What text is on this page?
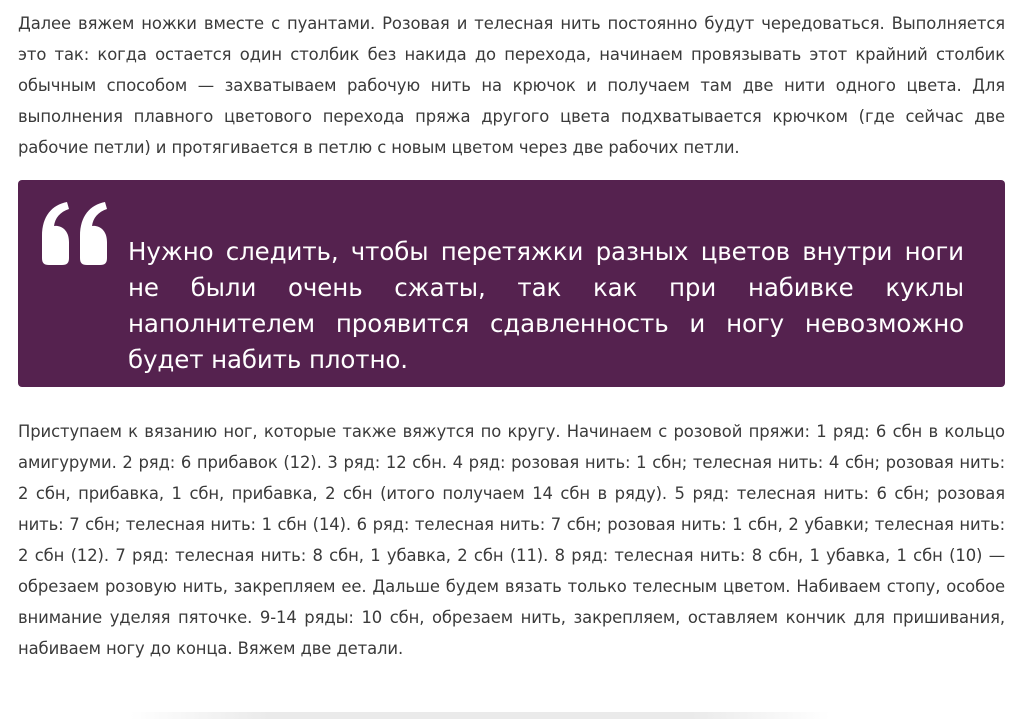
Далее вяжем ножки вместе с пуантами. Розовая и телесная нить постоянно будут чередоваться. Выполняется это так: когда остается один столбик без накида до перехода, начинаем провязывать этот крайний столбик обычным способом — захватываем рабочую нить на крючок и получаем там две нити одного цвета. Для выполнения плавного цветового перехода пряжа другого цвета подхватывается крючком (где сейчас две рабочие петли) и протягивается в петлю с новым цветом через две рабочих петли.

Нужно следить, чтобы перетяжки разных цветов внутри ноги не были очень сжаты, так как при набивке куклы наполнителем проявится сдавленность и ногу невозможно будет набить плотно.

Приступаем к вязанию ног, которые также вяжутся по кругу. Начинаем с розовой пряжи: 1 ряд: 6 сбн в кольцо амигуруми. 2 ряд: 6 прибавок (12). 3 ряд: 12 сбн. 4 ряд: розовая нить: 1 сбн; телесная нить: 4 сбн; розовая нить: 2 сбн, прибавка, 1 сбн, прибавка, 2 сбн (итого получаем 14 сбн в ряду). 5 ряд: телесная нить: 6 сбн; розовая нить: 7 сбн; телесная нить: 1 сбн (14). 6 ряд: телесная нить: 7 сбн; розовая нить: 1 сбн, 2 убавки; телесная нить: 2 сбн (12). 7 ряд: телесная нить: 8 сбн, 1 убавка, 2 сбн (11). 8 ряд: телесная нить: 8 сбн, 1 убавка, 1 сбн (10) — обрезаем розовую нить, закрепляем ее. Дальше будем вязать только телесным цветом. Набиваем стопу, особое внимание уделяя пяточке. 9-14 ряды: 10 сбн, обрезаем нить, закрепляем, оставляем кончик для пришивания, набиваем ногу до конца. Вяжем две детали.
